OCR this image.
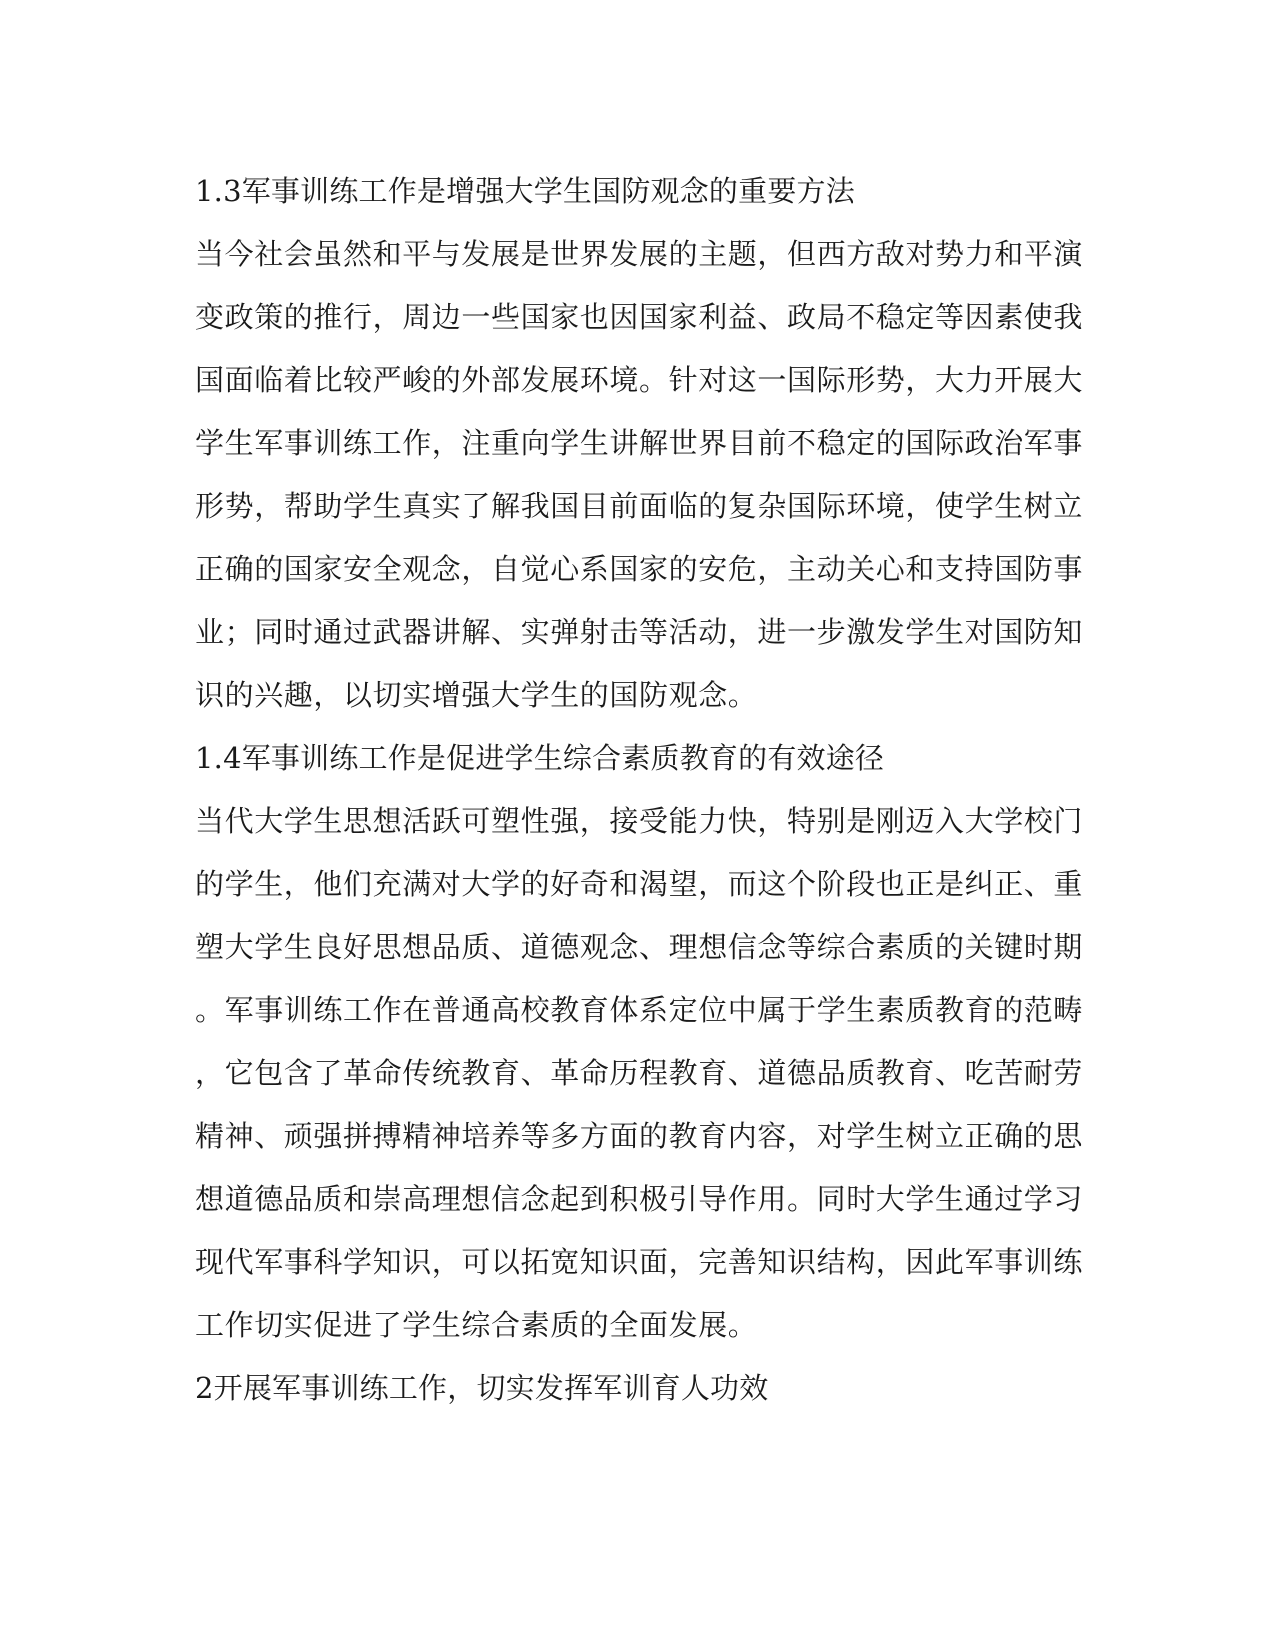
1.3军事训练工作是增强大学生国防观念的重要方法
当今社会虽然和平与发展是世界发展的主题，但西方敌对势力和平演
变政策的推行，周边一些国家也因国家利益、政局不稳定等因素使我
国面临着比较严峻的外部发展环境。针对这一国际形势，大力开展大
学生军事训练工作，注重向学生讲解世界目前不稳定的国际政治军事
形势，帮助学生真实了解我国目前面临的复杂国际环境，使学生树立
正确的国家安全观念，自觉心系国家的安危，主动关心和支持国防事
业；同时通过武器讲解、实弹射击等活动，进一步激发学生对国防知
识的兴趣，以切实增强大学生的国防观念。
1.4军事训练工作是促进学生综合素质教育的有效途径
当代大学生思想活跃可塑性强，接受能力快，特别是刚迈入大学校门
的学生，他们充满对大学的好奇和渴望，而这个阶段也正是纠正、重
塑大学生良好思想品质、道德观念、理想信念等综合素质的关键时期
。军事训练工作在普通高校教育体系定位中属于学生素质教育的范畴
，它包含了革命传统教育、革命历程教育、道德品质教育、吃苦耐劳
精神、顽强拼搏精神培养等多方面的教育内容，对学生树立正确的思
想道德品质和崇高理想信念起到积极引导作用。同时大学生通过学习
现代军事科学知识，可以拓宽知识面，完善知识结构，因此军事训练
工作切实促进了学生综合素质的全面发展。
2开展军事训练工作，切实发挥军训育人功效
